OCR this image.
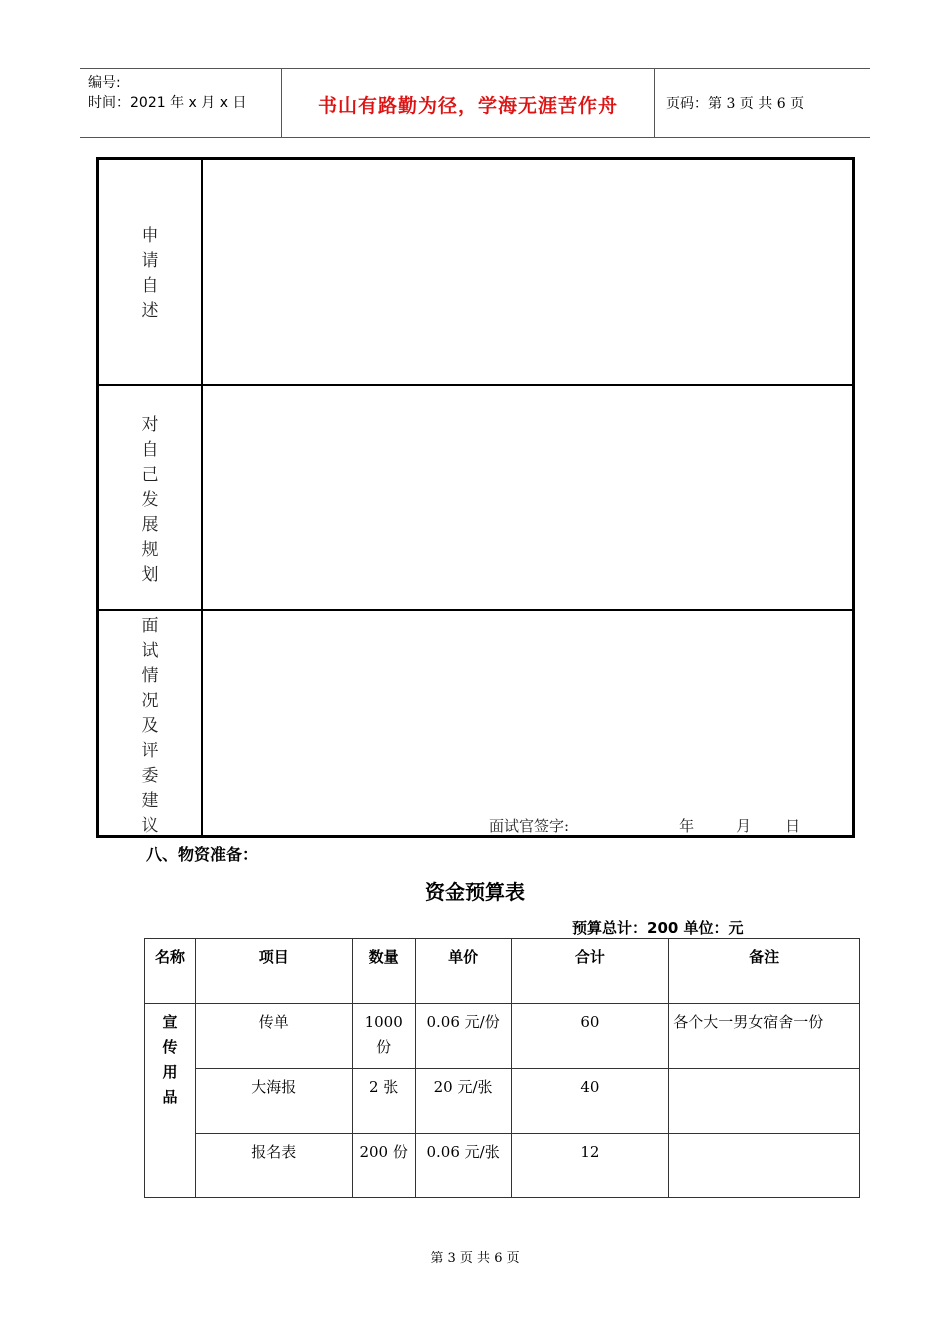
编号:
时间：2021 年 x 月 x 日	书山有路勤为径，学海无涯苦作舟	页码：第 3 页 共 6 页
申
请
自
述
对
自
己
发
展
规
划
面
试
情
况
及
评
委
建
议	面试官签字:	年	月 日
八、物资准备：
资金预算表
预算总计：200 单位：元
名称	项目	数量	单价	合计	备注

宣
传
用
品	传单	1000 份	0.06 元/份	60	各个大一男女宿舍一份
	大海报	2 张	20 元/张	40	
	报名表	200 份	0.06 元/张	12	
第 3 页 共 6 页
